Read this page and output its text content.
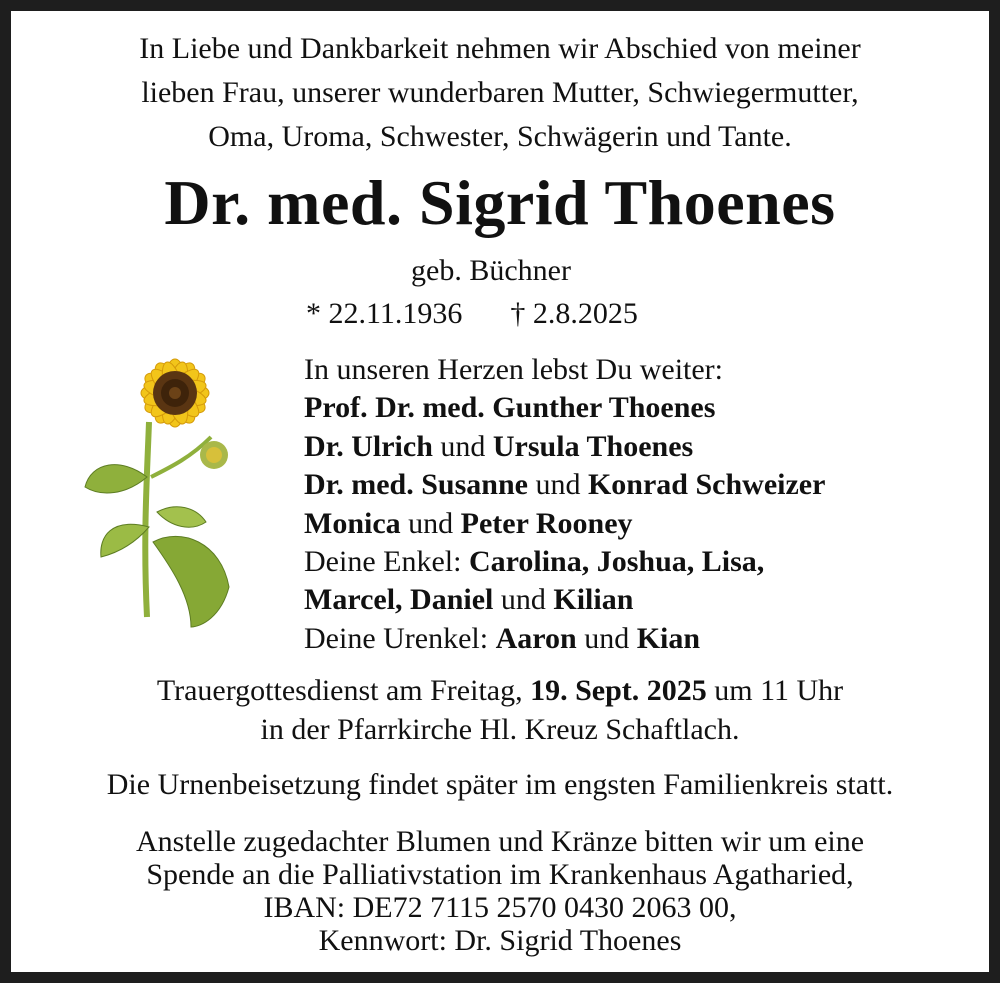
In Liebe und Dankbarkeit nehmen wir Abschied von meiner
lieben Frau, unserer wunderbaren Mutter, Schwiegermutter,
Oma, Uroma, Schwester, Schwägerin und Tante.
Dr. med. Sigrid Thoenes
geb. Büchner
* 22.11.1936 † 2.8.2025
In unseren Herzen lebst Du weiter:
Prof. Dr. med. Gunther Thoenes
Dr. Ulrich und Ursula Thoenes
Dr. med. Susanne und Konrad Schweizer
Monica und Peter Rooney
Deine Enkel: Carolina, Joshua, Lisa,
Marcel, Daniel und Kilian
Deine Urenkel: Aaron und Kian
Trauergottesdienst am Freitag, 19. Sept. 2025 um 11 Uhr
in der Pfarrkirche Hl. Kreuz Schaftlach.
Die Urnenbeisetzung findet später im engsten Familienkreis statt.
Anstelle zugedachter Blumen und Kränze bitten wir um eine
Spende an die Palliativstation im Krankenhaus Agatharied,
IBAN: DE72 7115 2570 0430 2063 00,
Kennwort: Dr. Sigrid Thoenes
